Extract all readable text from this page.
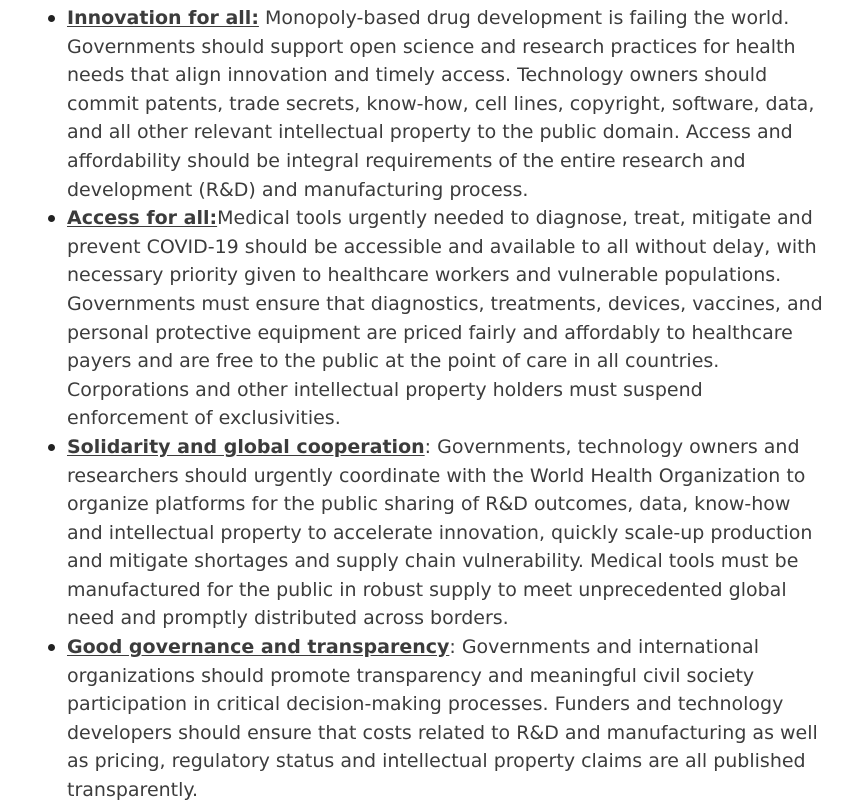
Innovation for all: Monopoly-based drug development is failing the world. Governments should support open science and research practices for health needs that align innovation and timely access. Technology owners should commit patents, trade secrets, know-how, cell lines, copyright, software, data, and all other relevant intellectual property to the public domain. Access and affordability should be integral requirements of the entire research and development (R&D) and manufacturing process.
Access for all:Medical tools urgently needed to diagnose, treat, mitigate and prevent COVID-19 should be accessible and available to all without delay, with necessary priority given to healthcare workers and vulnerable populations. Governments must ensure that diagnostics, treatments, devices, vaccines, and personal protective equipment are priced fairly and affordably to healthcare payers and are free to the public at the point of care in all countries. Corporations and other intellectual property holders must suspend enforcement of exclusivities.
Solidarity and global cooperation: Governments, technology owners and researchers should urgently coordinate with the World Health Organization to organize platforms for the public sharing of R&D outcomes, data, know-how and intellectual property to accelerate innovation, quickly scale-up production and mitigate shortages and supply chain vulnerability. Medical tools must be manufactured for the public in robust supply to meet unprecedented global need and promptly distributed across borders.
Good governance and transparency: Governments and international organizations should promote transparency and meaningful civil society participation in critical decision-making processes. Funders and technology developers should ensure that costs related to R&D and manufacturing as well as pricing, regulatory status and intellectual property claims are all published transparently.
